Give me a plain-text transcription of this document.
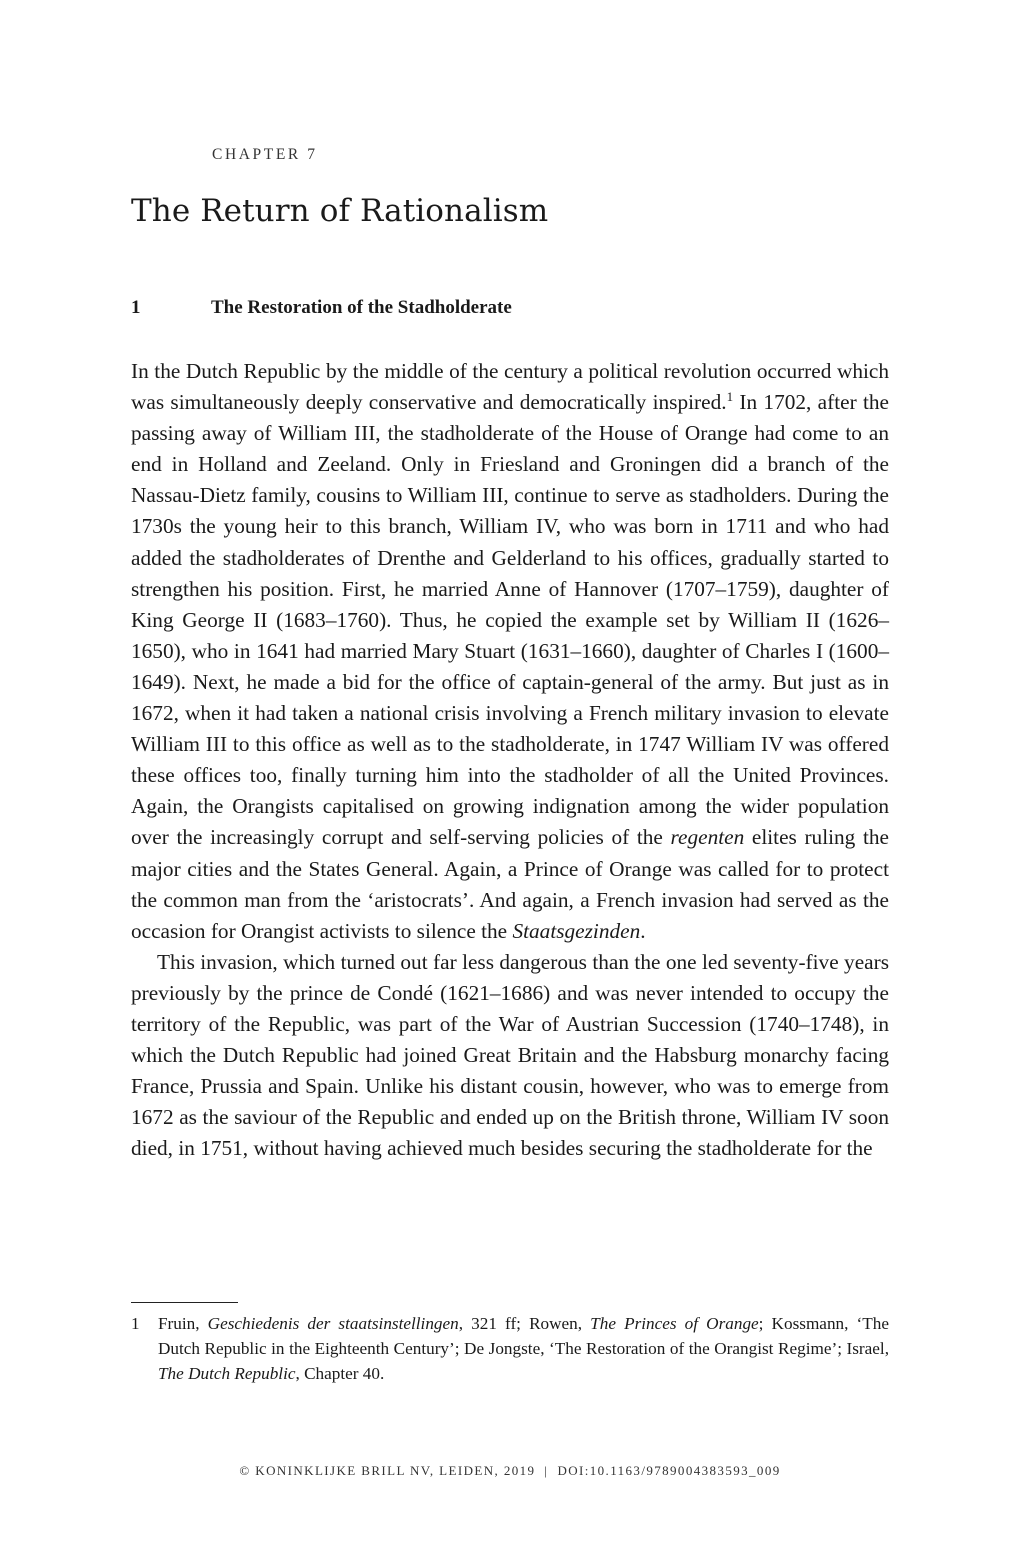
CHAPTER 7
The Return of Rationalism
1	The Restoration of the Stadholderate

In the Dutch Republic by the middle of the century a political revolution occurred which was simultaneously deeply conservative and democratically inspired.$^1$ In 1702, after the passing away of William III, the stadholderate of the House of Orange had come to an end in Holland and Zeeland. Only in Friesland and Groningen did a branch of the Nassau-Dietz family, cousins to William III, continue to serve as stadholders. During the 1730s the young heir to this branch, William IV, who was born in 1711 and who had added the stadholderates of Drenthe and Gelderland to his offices, gradually started to strengthen his position. First, he married Anne of Hannover (1707–1759), daughter of King George II (1683–1760). Thus, he copied the example set by William II (1626–1650), who in 1641 had married Mary Stuart (1631–1660), daughter of Charles I (1600–1649). Next, he made a bid for the office of captain-general of the army. But just as in 1672, when it had taken a national crisis involving a French military invasion to elevate William III to this office as well as to the stadholderate, in 1747 William IV was offered these offices too, finally turning him into the stadholder of all the United Provinces. Again, the Orangists capitalised on growing indignation among the wider population over the increasingly corrupt and self-serving policies of the regenten elites ruling the major cities and the States General. Again, a Prince of Orange was called for to protect the common man from the ‘aristocrats’. And again, a French invasion had served as the occasion for Orangist activists to silence the Staatsgezinden.

This invasion, which turned out far less dangerous than the one led seventy-five years previously by the prince de Condé (1621–1686) and was never intended to occupy the territory of the Republic, was part of the War of Austrian Succession (1740–1748), in which the Dutch Republic had joined Great Britain and the Habsburg monarchy facing France, Prussia and Spain. Unlike his distant cousin, however, who was to emerge from 1672 as the saviour of the Republic and ended up on the British throne, William IV soon died, in 1751, without having achieved much besides securing the stadholderate for the

1 Fruin, Geschiedenis der staatsinstellingen, 321 ff; Rowen, The Princes of Orange; Kossmann, ‘The Dutch Republic in the Eighteenth Century’; De Jongste, ‘The Restoration of the Orangist Regime’; Israel, The Dutch Republic, Chapter 40.
© KONINKLIJKE BRILL NV, LEIDEN, 2019 | DOI:10.1163/9789004383593_009
